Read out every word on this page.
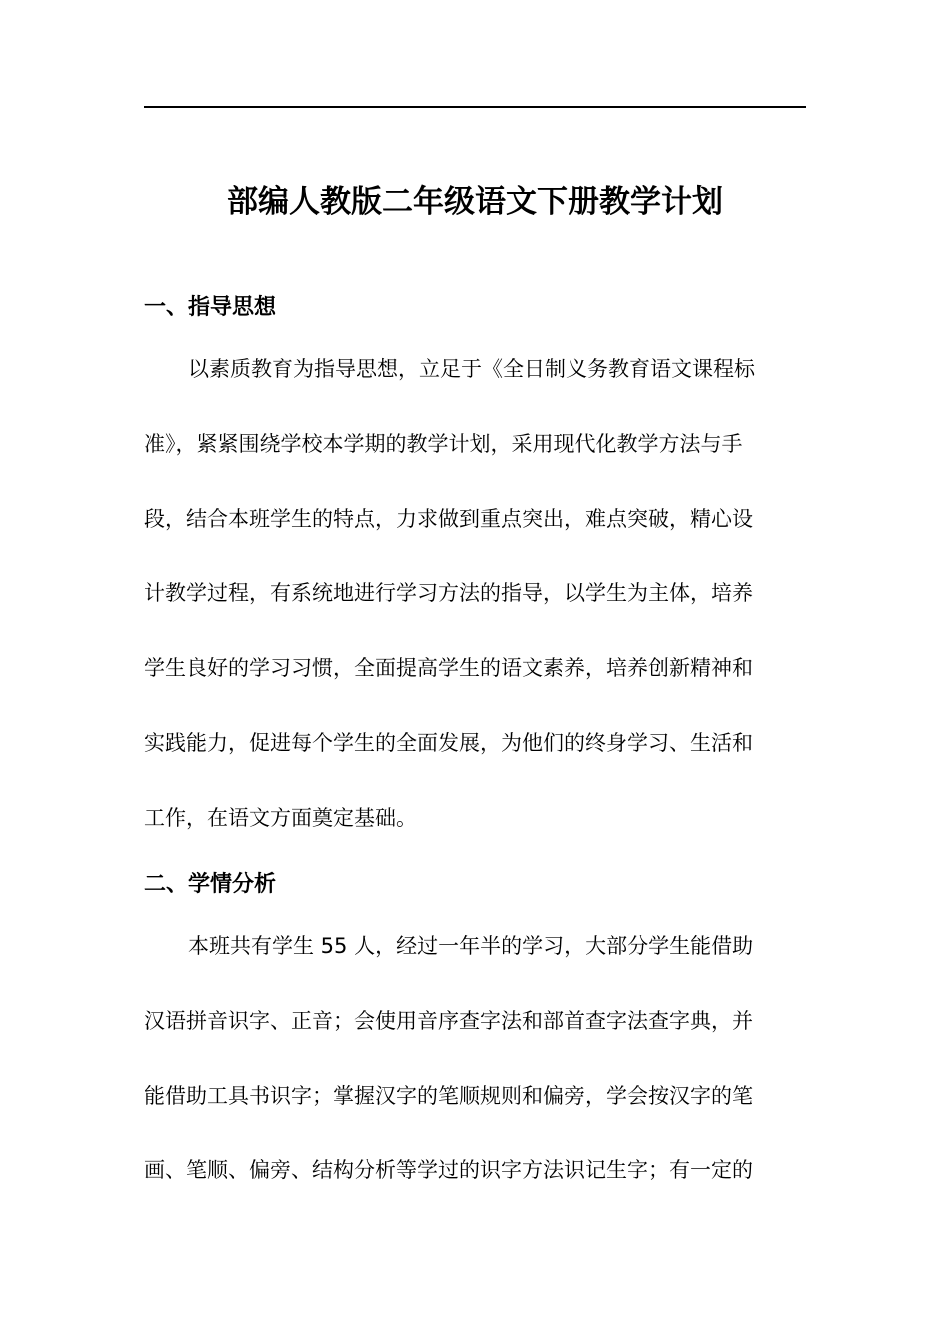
部编人教版二年级语文下册教学计划
一、指导思想
以素质教育为指导思想，立足于《全日制义务教育语文课程标
准》，紧紧围绕学校本学期的教学计划，采用现代化教学方法与手
段，结合本班学生的特点，力求做到重点突出，难点突破，精心设
计教学过程，有系统地进行学习方法的指导，以学生为主体，培养
学生良好的学习习惯，全面提高学生的语文素养，培养创新精神和
实践能力，促进每个学生的全面发展，为他们的终身学习、生活和
工作，在语文方面奠定基础。
二、学情分析
本班共有学生 55 人，经过一年半的学习，大部分学生能借助
汉语拼音识字、正音；会使用音序查字法和部首查字法查字典，并
能借助工具书识字；掌握汉字的笔顺规则和偏旁，学会按汉字的笔
画、笔顺、偏旁、结构分析等学过的识字方法识记生字；有一定的
